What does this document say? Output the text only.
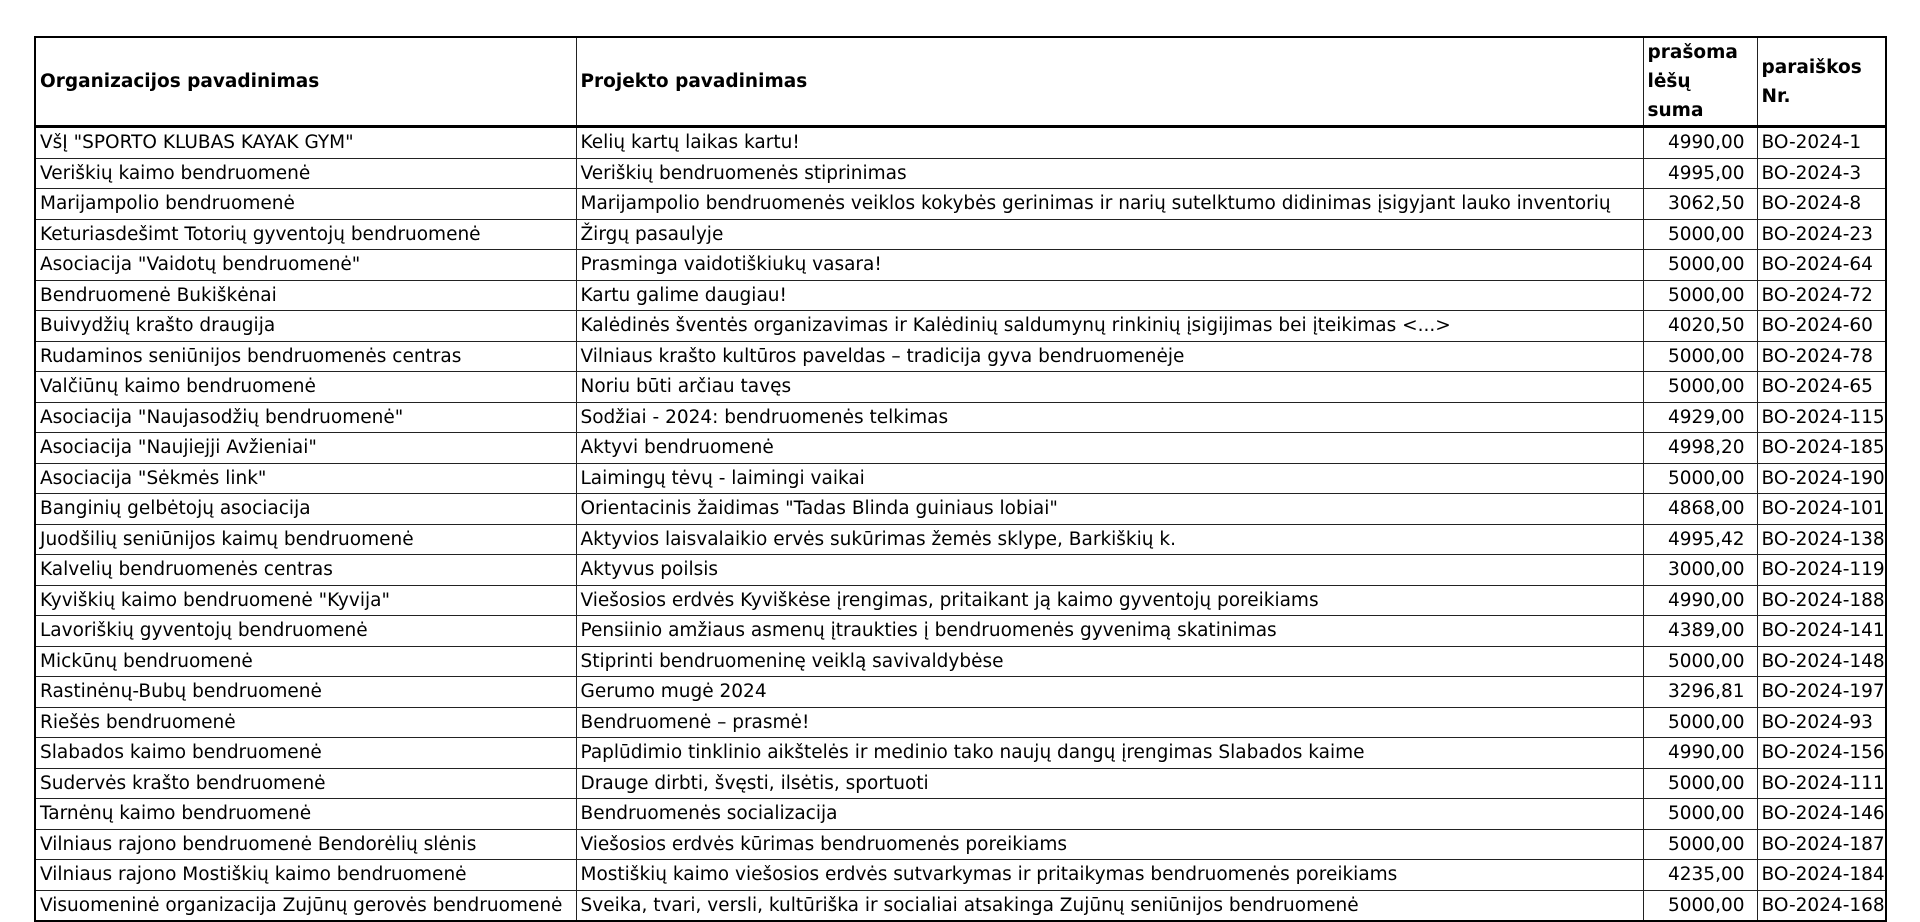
Organizacijos pavadinimas	Projekto pavadinimas	prašoma lėšų suma	paraiškos Nr.
VšĮ "SPORTO KLUBAS KAYAK GYM"	Kelių kartų laikas kartu!	4990,00	BO-2024-1
Veriškių kaimo bendruomenė	Veriškių bendruomenės stiprinimas	4995,00	BO-2024-3
Marijampolio bendruomenė	Marijampolio bendruomenės veiklos kokybės gerinimas ir narių sutelktumo didinimas įsigyjant lauko inventorių	3062,50	BO-2024-8
Keturiasdešimt Totorių gyventojų bendruomenė	Žirgų pasaulyje	5000,00	BO-2024-23
Asociacija "Vaidotų bendruomenė"	Prasminga vaidotiškiukų vasara!	5000,00	BO-2024-64
Bendruomenė Bukiškėnai	Kartu galime daugiau!	5000,00	BO-2024-72
Buivydžių krašto draugija	Kalėdinės šventės organizavimas ir Kalėdinių saldumynų rinkinių įsigijimas bei įteikimas <...>	4020,50	BO-2024-60
Rudaminos seniūnijos bendruomenės centras	Vilniaus krašto kultūros paveldas – tradicija gyva bendruomenėje	5000,00	BO-2024-78
Valčiūnų kaimo bendruomenė	Noriu būti arčiau tavęs	5000,00	BO-2024-65
Asociacija "Naujasodžių bendruomenė"	Sodžiai - 2024: bendruomenės telkimas	4929,00	BO-2024-115
Asociacija "Naujiejji Avžieniai"	Aktyvi bendruomenė	4998,20	BO-2024-185
Asociacija "Sėkmės link"	Laimingų tėvų - laimingi vaikai	5000,00	BO-2024-190
Banginių gelbėtojų asociacija	Orientacinis žaidimas "Tadas Blinda guiniaus lobiai"	4868,00	BO-2024-101
Juodšilių seniūnijos kaimų bendruomenė	Aktyvios laisvalaikio ervės sukūrimas žemės sklype, Barkiškių k.	4995,42	BO-2024-138
Kalvelių bendruomenės centras	Aktyvus poilsis	3000,00	BO-2024-119
Kyviškių kaimo bendruomenė "Kyvija"	Viešosios erdvės Kyviškėse įrengimas, pritaikant ją kaimo gyventojų poreikiams	4990,00	BO-2024-188
Lavoriškių gyventojų bendruomenė	Pensiinio amžiaus asmenų įtraukties į bendruomenės gyvenimą skatinimas	4389,00	BO-2024-141
Mickūnų bendruomenė	Stiprinti bendruomeninę veiklą savivaldybėse	5000,00	BO-2024-148
Rastinėnų-Bubų bendruomenė	Gerumo mugė 2024	3296,81	BO-2024-197
Riešės bendruomenė	Bendruomenė – prasmė!	5000,00	BO-2024-93
Slabados kaimo bendruomenė	Paplūdimio tinklinio aikštelės ir medinio tako naujų dangų įrengimas Slabados kaime	4990,00	BO-2024-156
Sudervės krašto bendruomenė	Drauge dirbti, švęsti, ilsėtis, sportuoti	5000,00	BO-2024-111
Tarnėnų kaimo bendruomenė	Bendruomenės socializacija	5000,00	BO-2024-146
Vilniaus rajono bendruomenė Bendorėlių slėnis	Viešosios erdvės kūrimas bendruomenės poreikiams	5000,00	BO-2024-187
Vilniaus rajono Mostiškių kaimo bendruomenė	Mostiškių kaimo viešosios erdvės sutvarkymas ir pritaikymas bendruomenės poreikiams	4235,00	BO-2024-184
Visuomeninė organizacija Zujūnų gerovės bendruomenė	Sveika, tvari, versli, kultūriška ir socialiai atsakinga Zujūnų seniūnijos bendruomenė	5000,00	BO-2024-168
